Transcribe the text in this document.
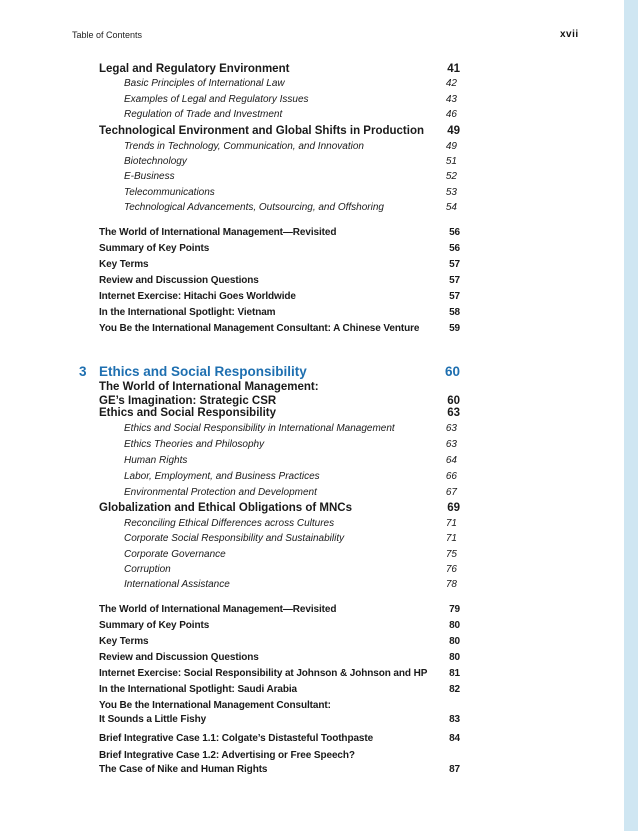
Table of Contents	xvii
Legal and Regulatory Environment	41
Basic Principles of International Law	42
Examples of Legal and Regulatory Issues	43
Regulation of Trade and Investment	46
Technological Environment and Global Shifts in Production 49
Trends in Technology, Communication, and Innovation	49
Biotechnology	51
E-Business	52
Telecommunications	53
Technological Advancements, Outsourcing, and Offshoring	54
The World of International Management—Revisited	56
Summary of Key Points	56
Key Terms	57
Review and Discussion Questions	57
Internet Exercise: Hitachi Goes Worldwide	57
In the International Spotlight: Vietnam	58
You Be the International Management Consultant: A Chinese Venture	59
3 Ethics and Social Responsibility	60
The World of International Management:
GE’s Imagination: Strategic CSR	60
Ethics and Social Responsibility	63
Ethics and Social Responsibility in International Management	63
Ethics Theories and Philosophy	63
Human Rights	64
Labor, Employment, and Business Practices	66
Environmental Protection and Development	67
Globalization and Ethical Obligations of MNCs	69
Reconciling Ethical Differences across Cultures	71
Corporate Social Responsibility and Sustainability	71
Corporate Governance	75
Corruption	76
International Assistance	78
The World of International Management—Revisited	79
Summary of Key Points	80
Key Terms	80
Review and Discussion Questions	80
Internet Exercise: Social Responsibility at Johnson & Johnson and HP 81
In the International Spotlight: Saudi Arabia	82
You Be the International Management Consultant:
It Sounds a Little Fishy	83
Brief Integrative Case 1.1: Colgate’s Distasteful Toothpaste	84
Brief Integrative Case 1.2: Advertising or Free Speech?
The Case of Nike and Human Rights	87
